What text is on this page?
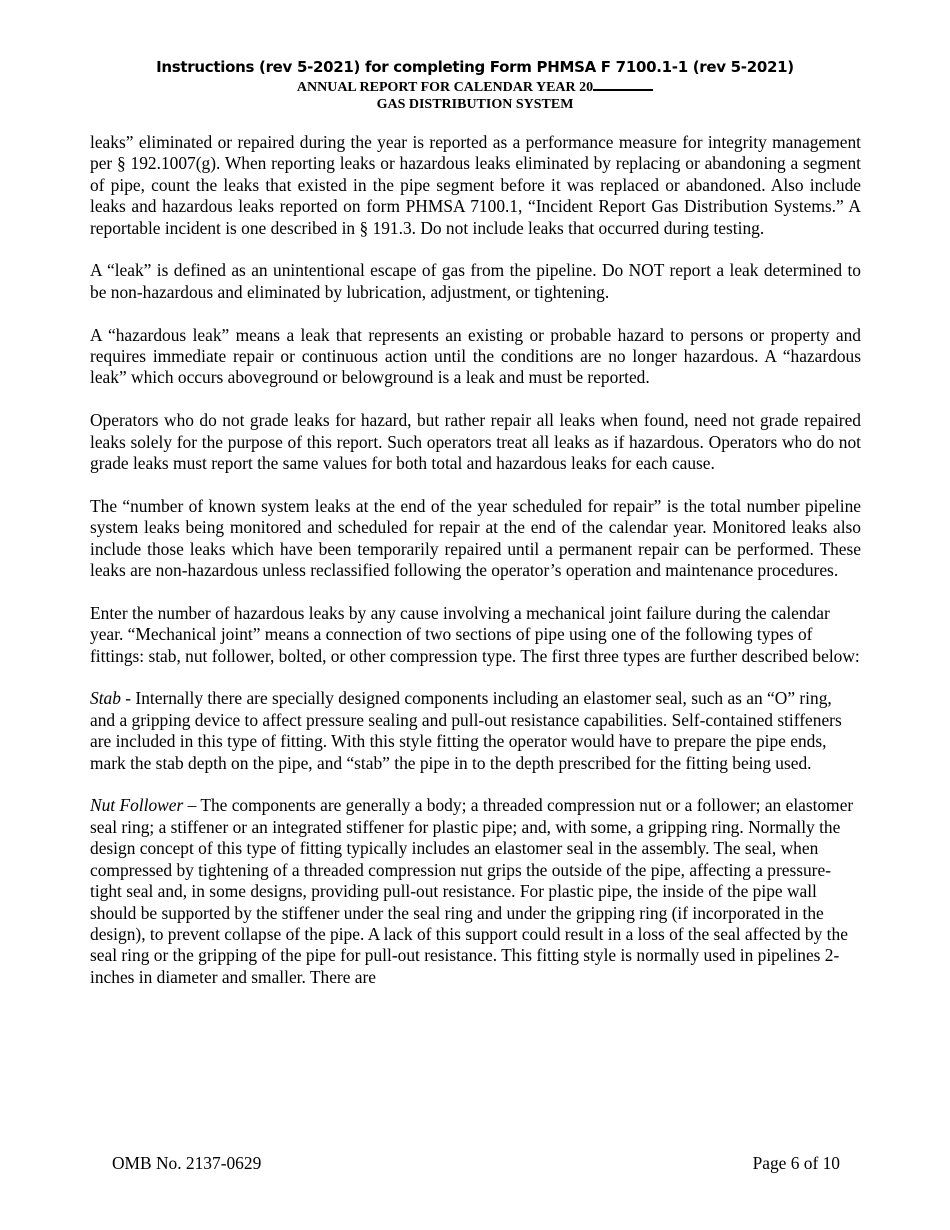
Instructions (rev 5-2021) for completing Form PHMSA F 7100.1-1 (rev 5-2021)
ANNUAL REPORT FOR CALENDAR YEAR 20
GAS DISTRIBUTION SYSTEM

leaks” eliminated or repaired during the year is reported as a performance measure for integrity management per § 192.1007(g). When reporting leaks or hazardous leaks eliminated by replacing or abandoning a segment of pipe, count the leaks that existed in the pipe segment before it was replaced or abandoned. Also include leaks and hazardous leaks reported on form PHMSA 7100.1, “Incident Report Gas Distribution Systems.” A reportable incident is one described in § 191.3. Do not include leaks that occurred during testing.

A “leak” is defined as an unintentional escape of gas from the pipeline. Do NOT report a leak determined to be non-hazardous and eliminated by lubrication, adjustment, or tightening.

A “hazardous leak” means a leak that represents an existing or probable hazard to persons or property and requires immediate repair or continuous action until the conditions are no longer hazardous. A “hazardous leak” which occurs aboveground or belowground is a leak and must be reported.

Operators who do not grade leaks for hazard, but rather repair all leaks when found, need not grade repaired leaks solely for the purpose of this report. Such operators treat all leaks as if hazardous. Operators who do not grade leaks must report the same values for both total and hazardous leaks for each cause.

The “number of known system leaks at the end of the year scheduled for repair” is the total number pipeline system leaks being monitored and scheduled for repair at the end of the calendar year. Monitored leaks also include those leaks which have been temporarily repaired until a permanent repair can be performed. These leaks are non-hazardous unless reclassified following the operator’s operation and maintenance procedures.

Enter the number of hazardous leaks by any cause involving a mechanical joint failure during the calendar year. “Mechanical joint” means a connection of two sections of pipe using one of the following types of fittings: stab, nut follower, bolted, or other compression type. The first three types are further described below:

Stab - Internally there are specially designed components including an elastomer seal, such as an “O” ring, and a gripping device to affect pressure sealing and pull-out resistance capabilities. Self-contained stiffeners are included in this type of fitting. With this style fitting the operator would have to prepare the pipe ends, mark the stab depth on the pipe, and “stab” the pipe in to the depth prescribed for the fitting being used.

Nut Follower – The components are generally a body; a threaded compression nut or a follower; an elastomer seal ring; a stiffener or an integrated stiffener for plastic pipe; and, with some, a gripping ring. Normally the design concept of this type of fitting typically includes an elastomer seal in the assembly. The seal, when compressed by tightening of a threaded compression nut grips the outside of the pipe, affecting a pressure-tight seal and, in some designs, providing pull-out resistance. For plastic pipe, the inside of the pipe wall should be supported by the stiffener under the seal ring and under the gripping ring (if incorporated in the design), to prevent collapse of the pipe. A lack of this support could result in a loss of the seal affected by the seal ring or the gripping of the pipe for pull-out resistance. This fitting style is normally used in pipelines 2-inches in diameter and smaller. There are

OMB No. 2137-0629	Page 6 of 10
